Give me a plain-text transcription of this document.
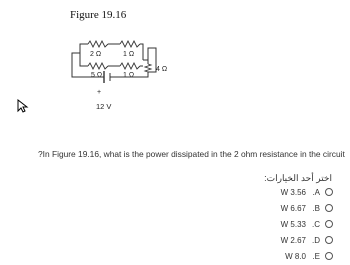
Figure 19.16
2 Ω	1 Ω
5 Ω	1 Ω
4 Ω
+
12 V
?In Figure 19.16, what is the power dissipated in the 2 ohm resistance in the circuit
اختر أحد الخيارات:
W 3.56 .A
W 6.67 .B
W 5.33 .C
W 2.67 .D
W 8.0 .E
